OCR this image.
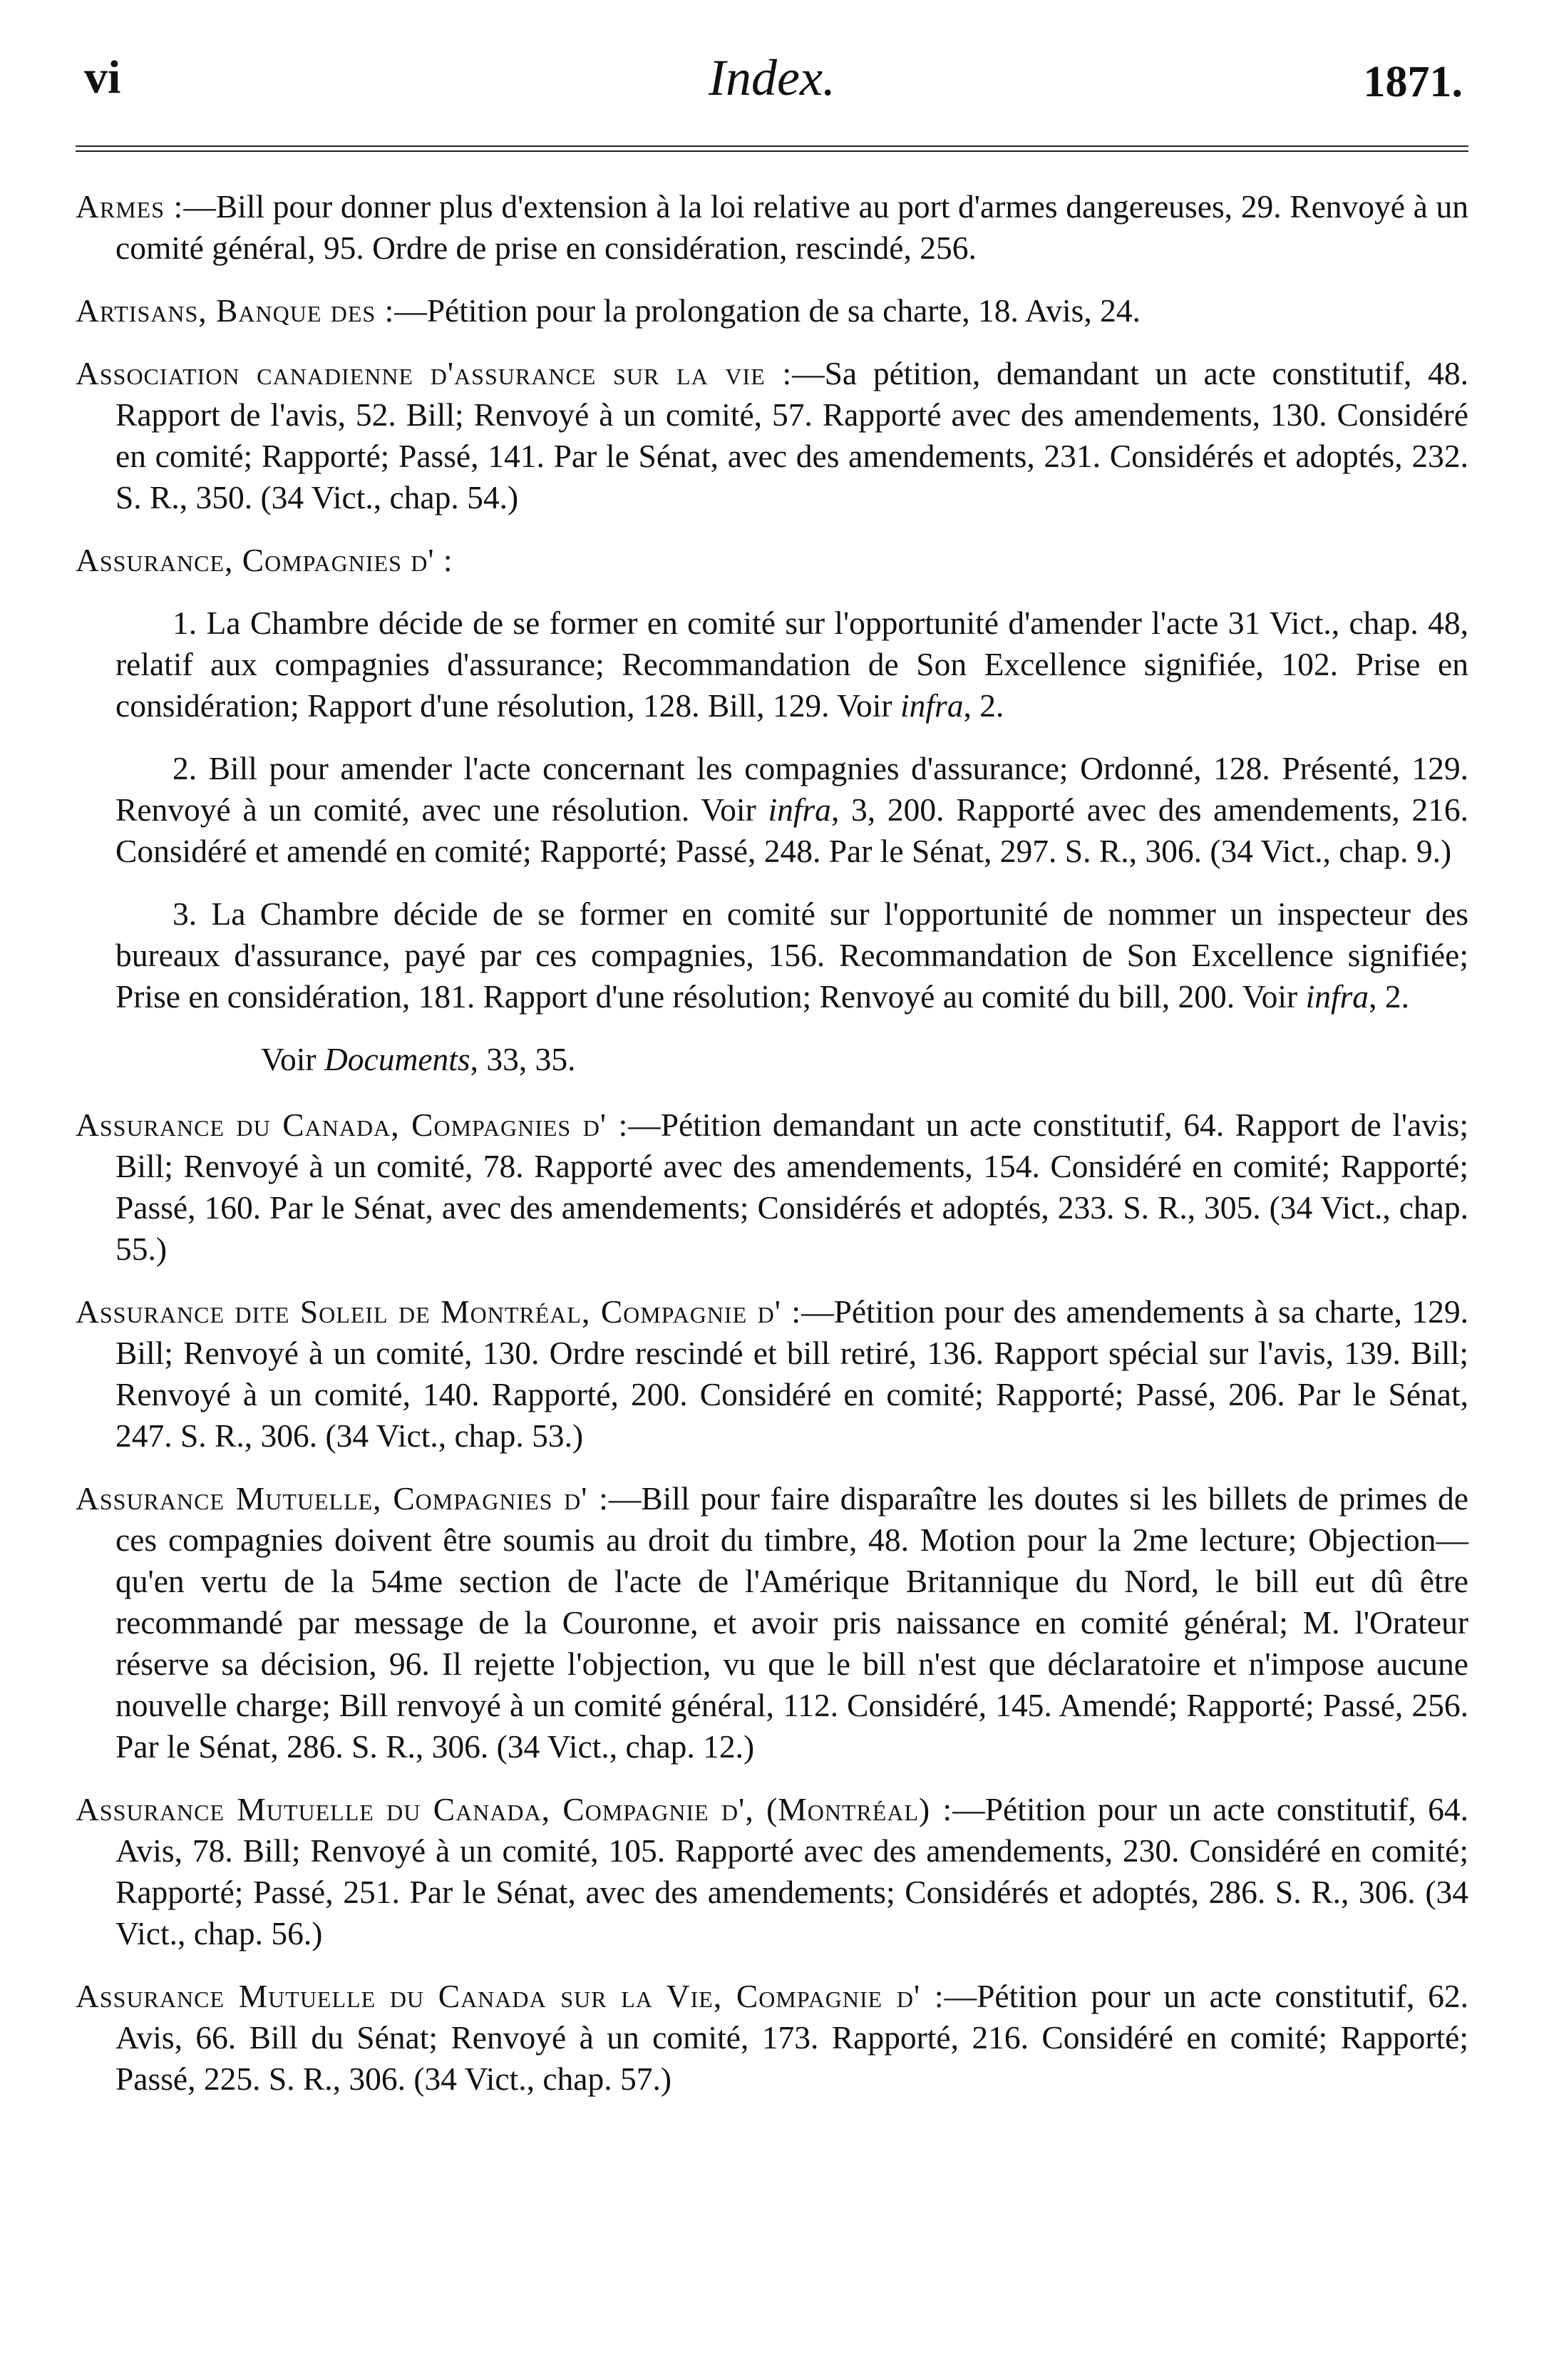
vi	Index.	1871.

Armes :—Bill pour donner plus d'extension à la loi relative au port d'armes dangereuses, 29. Renvoyé à un comité général, 95. Ordre de prise en considération, rescindé, 256.

Artisans, Banque des :—Pétition pour la prolongation de sa charte, 18. Avis, 24.

Association canadienne d'assurance sur la vie :—Sa pétition, demandant un acte constitutif, 48. Rapport de l'avis, 52. Bill; Renvoyé à un comité, 57. Rapporté avec des amendements, 130. Considéré en comité; Rapporté; Passé, 141. Par le Sénat, avec des amendements, 231. Considérés et adoptés, 232. S. R., 350. (34 Vict., chap. 54.)

Assurance, Compagnies d' :

1. La Chambre décide de se former en comité sur l'opportunité d'amender l'acte 31 Vict., chap. 48, relatif aux compagnies d'assurance; Recommandation de Son Excellence signifiée, 102. Prise en considération; Rapport d'une résolution, 128. Bill, 129. Voir infra, 2.

2. Bill pour amender l'acte concernant les compagnies d'assurance; Ordonné, 128. Présenté, 129. Renvoyé à un comité, avec une résolution. Voir infra, 3, 200. Rapporté avec des amendements, 216. Considéré et amendé en comité; Rapporté; Passé, 248. Par le Sénat, 297. S. R., 306. (34 Vict., chap. 9.)

3. La Chambre décide de se former en comité sur l'opportunité de nommer un inspecteur des bureaux d'assurance, payé par ces compagnies, 156. Recommandation de Son Excellence signifiée; Prise en considération, 181. Rapport d'une résolution; Renvoyé au comité du bill, 200. Voir infra, 2.

Voir Documents, 33, 35.

Assurance du Canada, Compagnies d' :—Pétition demandant un acte constitutif, 64. Rapport de l'avis; Bill; Renvoyé à un comité, 78. Rapporté avec des amendements, 154. Considéré en comité; Rapporté; Passé, 160. Par le Sénat, avec des amendements; Considérés et adoptés, 233. S. R., 305. (34 Vict., chap. 55.)

Assurance dite Soleil de Montréal, Compagnie d' :—Pétition pour des amendements à sa charte, 129. Bill; Renvoyé à un comité, 130. Ordre rescindé et bill retiré, 136. Rapport spécial sur l'avis, 139. Bill; Renvoyé à un comité, 140. Rapporté, 200. Considéré en comité; Rapporté; Passé, 206. Par le Sénat, 247. S. R., 306. (34 Vict., chap. 53.)

Assurance Mutuelle, Compagnies d' :—Bill pour faire disparaître les doutes si les billets de primes de ces compagnies doivent être soumis au droit du timbre, 48. Motion pour la 2me lecture; Objection—qu'en vertu de la 54me section de l'acte de l'Amérique Britannique du Nord, le bill eut dû être recommandé par message de la Couronne, et avoir pris naissance en comité général; M. l'Orateur réserve sa décision, 96. Il rejette l'objection, vu que le bill n'est que déclaratoire et n'impose aucune nouvelle charge; Bill renvoyé à un comité général, 112. Considéré, 145. Amendé; Rapporté; Passé, 256. Par le Sénat, 286. S. R., 306. (34 Vict., chap. 12.)

Assurance Mutuelle du Canada, Compagnie d', (Montréal) :—Pétition pour un acte constitutif, 64. Avis, 78. Bill; Renvoyé à un comité, 105. Rapporté avec des amendements, 230. Considéré en comité; Rapporté; Passé, 251. Par le Sénat, avec des amendements; Considérés et adoptés, 286. S. R., 306. (34 Vict., chap. 56.)

Assurance Mutuelle du Canada sur la Vie, Compagnie d' :—Pétition pour un acte constitutif, 62. Avis, 66. Bill du Sénat; Renvoyé à un comité, 173. Rapporté, 216. Considéré en comité; Rapporté; Passé, 225. S. R., 306. (34 Vict., chap. 57.)
